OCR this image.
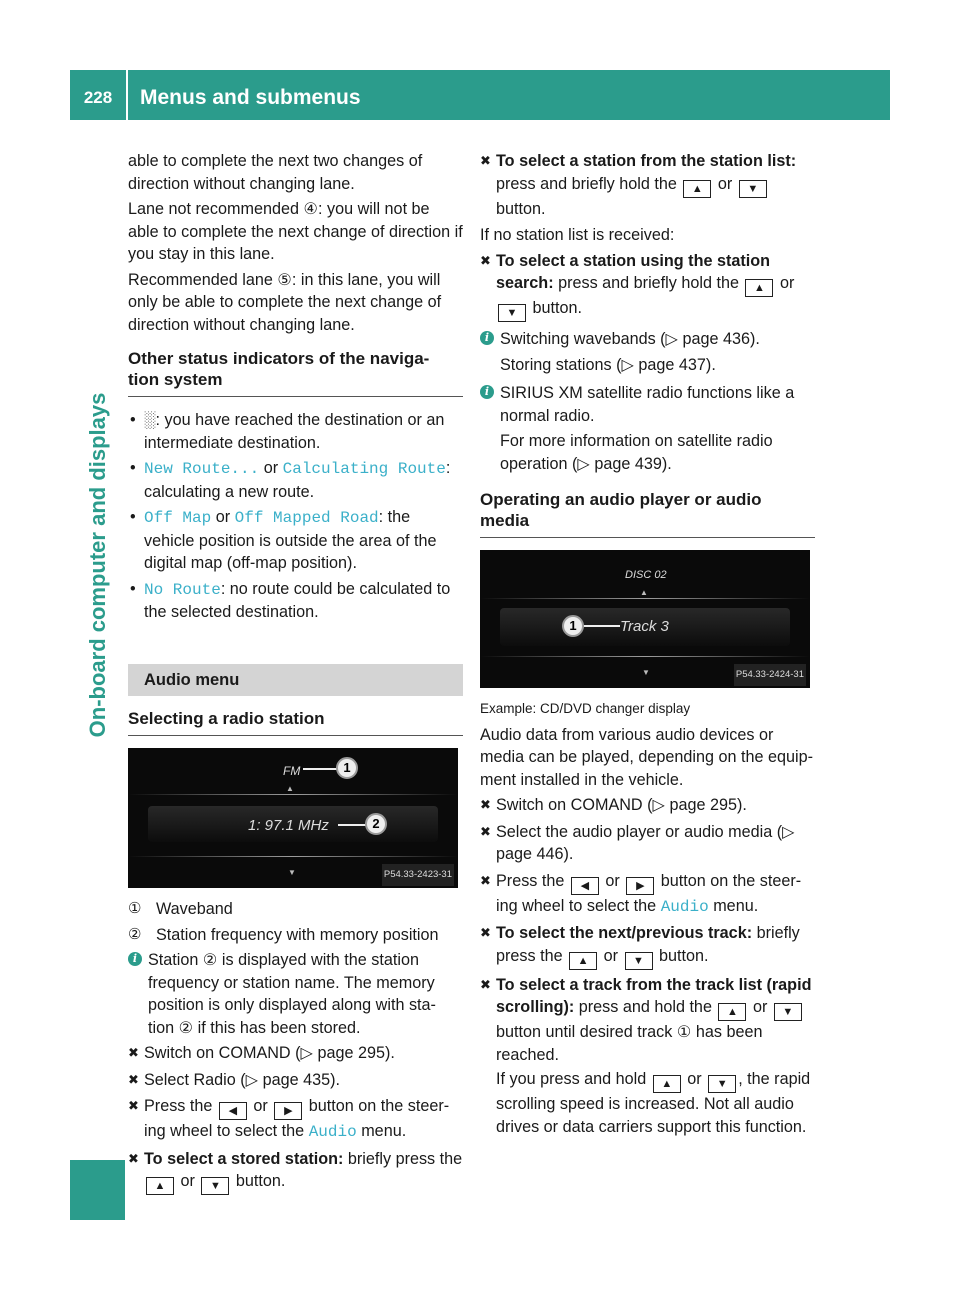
228	Menus and submenus
On-board computer and displays

able to complete the next two changes of direction without changing lane.

Lane not recommended ④: you will not be able to complete the next change of direction if you stay in this lane.

Recommended lane ⑤: in this lane, you will only be able to complete the next change of direction without changing lane.

Other status indicators of the naviga- tion system
• ░: you have reached the destination or an intermediate destination.
• New Route... or Calculating Route: calculating a new route.
• Off Map or Off Mapped Road: the vehicle position is outside the area of the digital map (off-map position).
• No Route: no route could be calculated to the selected destination.
Audio menu
Selecting a radio station
FM	1
▲
1: 97.1 MHz	2
▼	P54.33-2423-31
① Waveband
② Station frequency with memory position
i Station ② is displayed with the station frequency or station name. The memory position is only displayed along with sta- tion ② if this has been stored.
✖ Switch on COMAND (▷ page 295).
✖ Select Radio (▷ page 435).
✖ Press the ◀ or ▶ button on the steer- ing wheel to select the Audio menu.
✖ To select a stored station: briefly press the ▲ or ▼ button.
✖ To select a station from the station list: press and briefly hold the ▲ or ▼ button.

If no station list is received:

✖ To select a station using the station search: press and briefly hold the ▲ or ▼ button.
i Switching wavebands (▷ page 436).

Storing stations (▷ page 437).

i SIRIUS XM satellite radio functions like a normal radio.

For more information on satellite radio operation (▷ page 439).

Operating an audio player or audio media
DISC 02
▲
1	Track 3
▼	P54.33-2424-31

Example: CD/DVD changer display

Audio data from various audio devices or media can be played, depending on the equip- ment installed in the vehicle.

✖ Switch on COMAND (▷ page 295).
✖ Select the audio player or audio media (▷ page 446).
✖ Press the ◀ or ▶ button on the steer- ing wheel to select the Audio menu.
✖ To select the next/previous track: briefly press the ▲ or ▼ button.
✖ To select a track from the track list (rapid scrolling): press and hold the ▲ or ▼ button until desired track ① has been reached.

If you press and hold ▲ or ▼ , the rapid scrolling speed is increased. Not all audio drives or data carriers support this function.
